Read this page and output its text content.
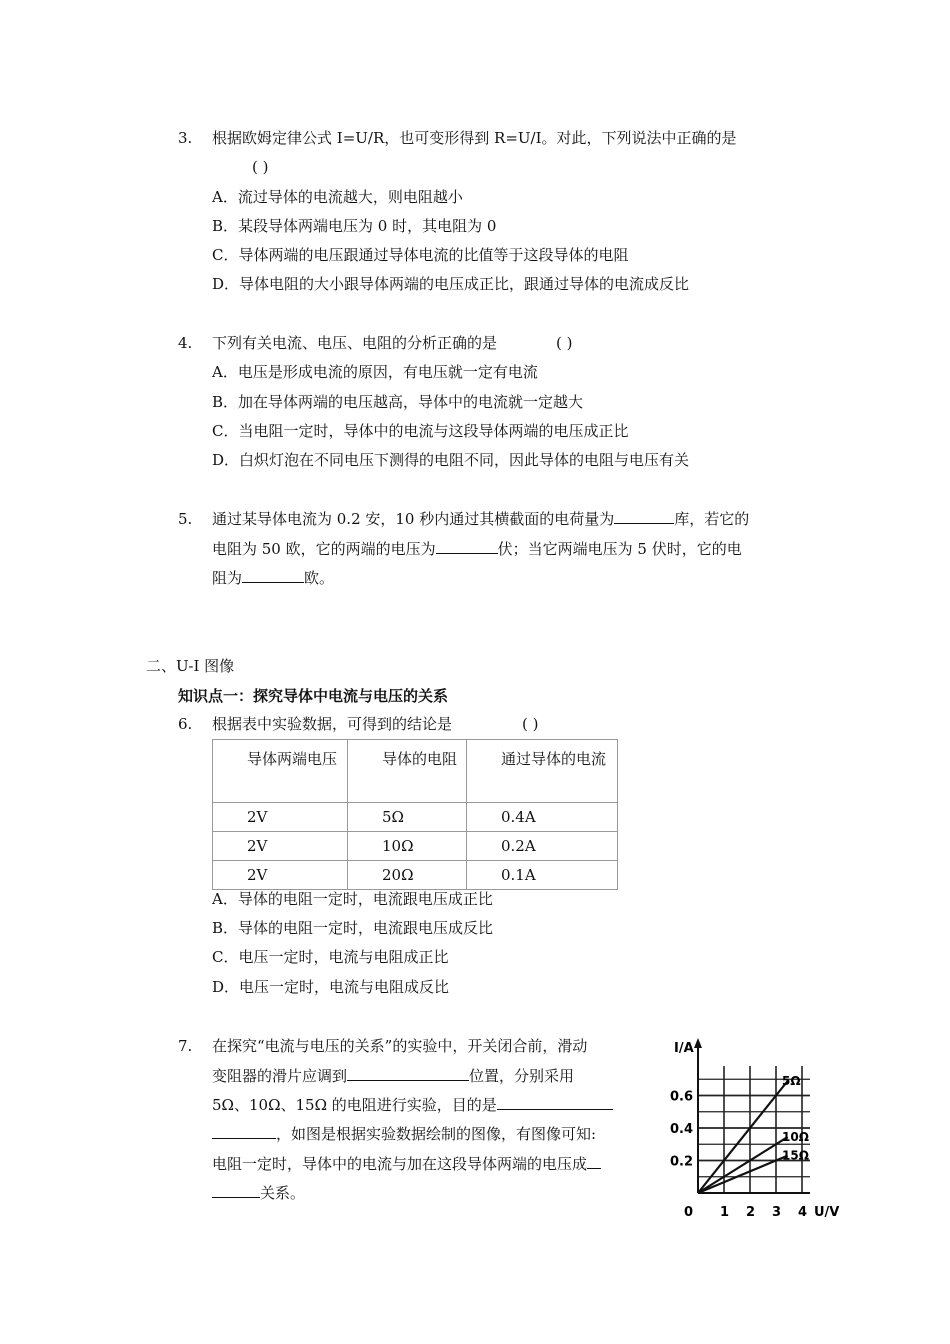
3. 根据欧姆定律公式 I=U/R，也可变形得到 R=U/I。对此，下列说法中正确的是
( )
A．流过导体的电流越大，则电阻越小
B．某段导体两端电压为 0 时，其电阻为 0
C．导体两端的电压跟通过导体电流的比值等于这段导体的电阻
D．导体电阻的大小跟导体两端的电压成正比，跟通过导体的电流成反比
4. 下列有关电流、电压、电阻的分析正确的是	( )
A．电压是形成电流的原因，有电压就一定有电流
B．加在导体两端的电压越高，导体中的电流就一定越大
C．当电阻一定时，导体中的电流与这段导体两端的电压成正比
D．白炽灯泡在不同电压下测得的电阻不同，因此导体的电阻与电压有关
5. 通过某导体电流为 0.2 安，10 秒内通过其横截面的电荷量为	库，若它的
电阻为 50 欧，它的两端的电压为	伏；当它两端电压为 5 伏时，它的电
阻为	欧。
二、U-I 图像
知识点一：探究导体中电流与电压的关系
6. 根据表中实验数据，可得到的结论是	( )
导体两端电压	导体的电阻	通过导体的电流
2V	5Ω	0.4A
2V	10Ω	0.2A
2V	20Ω	0.1A
A．导体的电阻一定时，电流跟电压成正比
B．导体的电阻一定时，电流跟电压成反比
C．电压一定时，电流与电阻成正比
D．电压一定时，电流与电阻成反比
7. 在探究“电流与电压的关系”的实验中，开关闭合前，滑动
变阻器的滑片应调到	位置，分别采用
5Ω、10Ω、15Ω 的电阻进行实验，目的是
，如图是根据实验数据绘制的图像，有图像可知:
电阻一定时，导体中的电流与加在这段导体两端的电压成
关系。
5Ω
10Ω
15Ω
I/A
U/V
0.6
0.4
0.2
0 1 2 3 4
